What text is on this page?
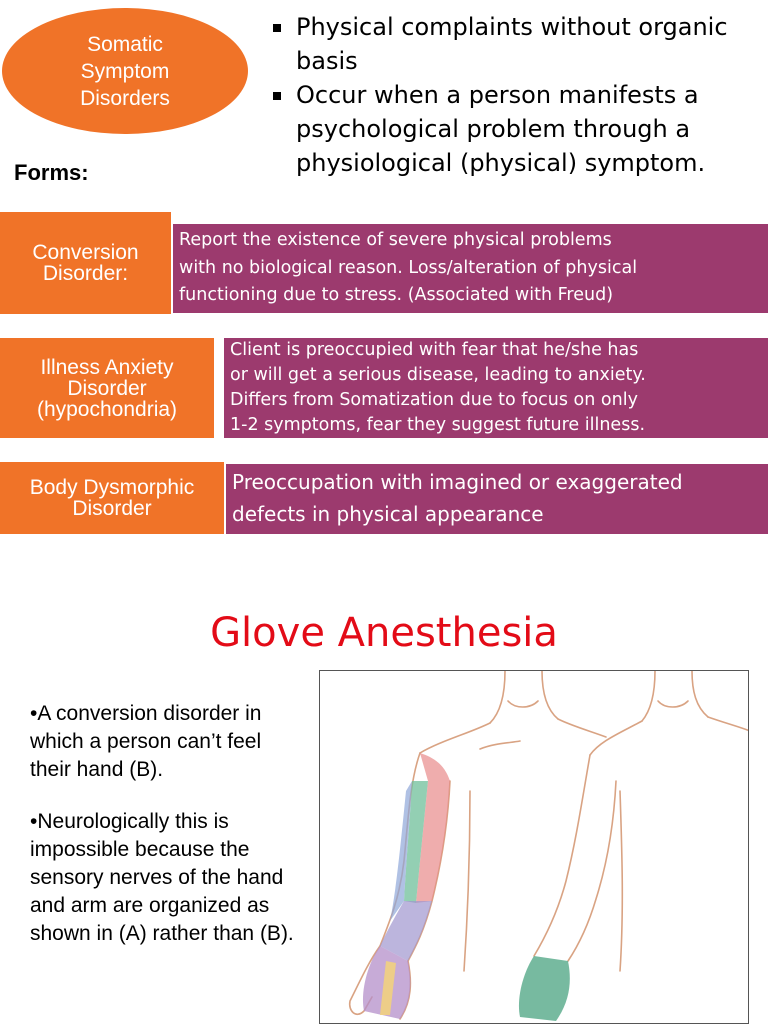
Somatic
Symptom
Disorders
Forms:
Physical complaints without organic basis
Occur when a person manifests a psychological problem through a physiological (physical) symptom.
Conversion
Disorder:
Report the existence of severe physical problems
with no biological reason. Loss/alteration of physical
functioning due to stress. (Associated with Freud)
Illness Anxiety
Disorder
(hypochondria)
Client is preoccupied with fear that he/she has
or will get a serious disease, leading to anxiety.
Differs from Somatization due to focus on only
1-2 symptoms, fear they suggest future illness.
Body Dysmorphic
Disorder
Preoccupation with imagined or exaggerated
defects in physical appearance
Glove Anesthesia

•A conversion disorder in which a person can’t feel their hand (B).

•Neurologically this is impossible because the sensory nerves of the hand and arm are organized as shown in (A) rather than (B).
